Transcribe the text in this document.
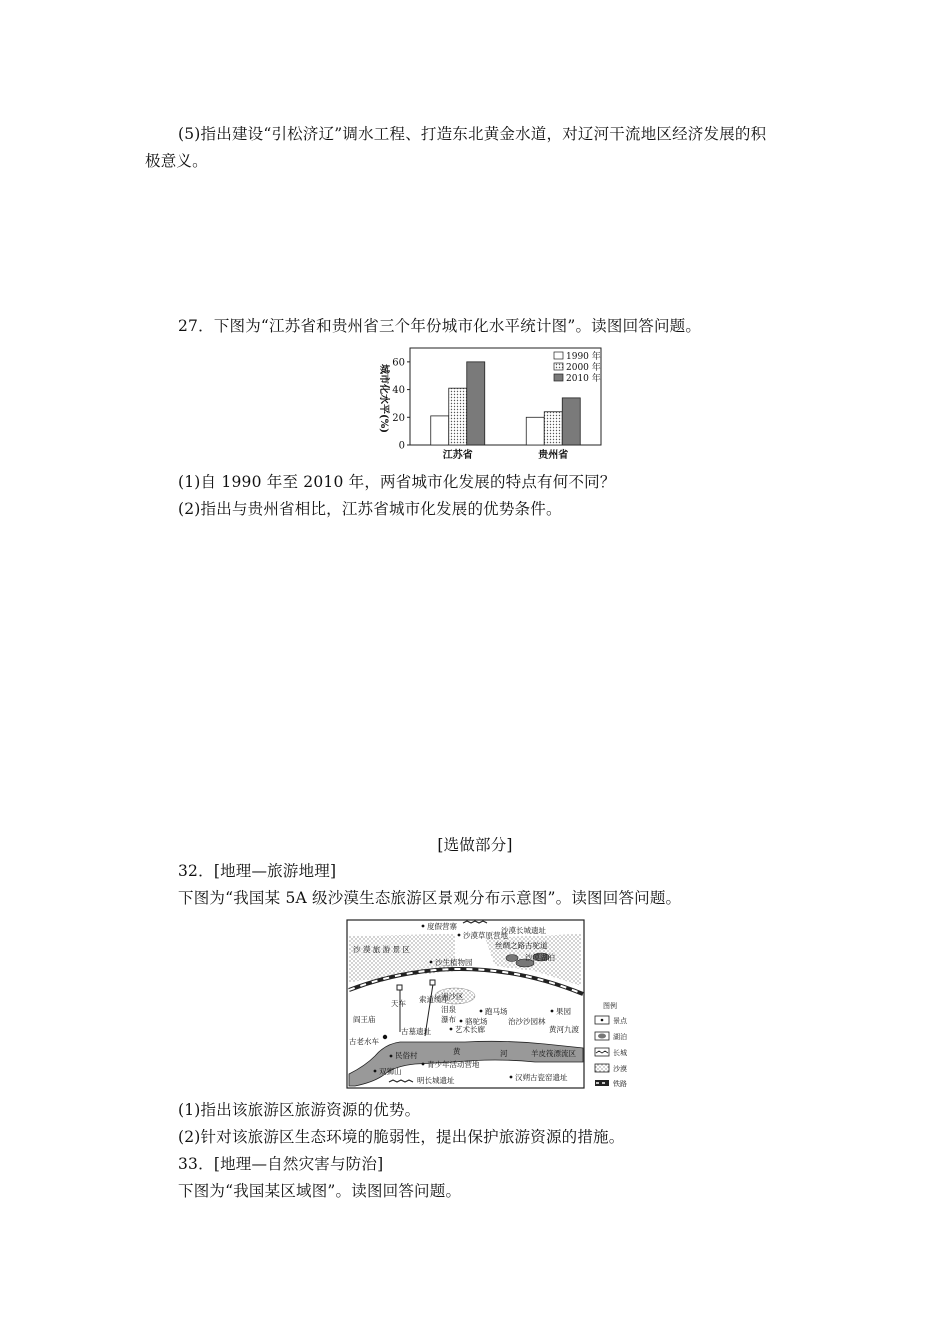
(5)指出建设“引松济辽”调水工程、打造东北黄金水道，对辽河干流地区经济发展的积
极意义。
27．下图为“江苏省和贵州省三个年份城市化水平统计图”。读图回答问题。
城市化水平(%)
0
20
40
60
江苏省	贵州省
1990 年
2000 年
2010 年
(1)自 1990 年至 2010 年，两省城市化发展的特点有何不同？
(2)指出与贵州省相比，江苏省城市化发展的优势条件。
[选做部分]
32．[地理—旅游地理]
下图为“我国某 5A 级沙漠生态旅游区景观分布示意图”。读图回答问题。
度假营寨
沙漠草原营地
沙漠长城遗址
丝绸之路古驼道
沙漠湖泊
沙 漠 旅 游 景 区
沙生植物园
洲沙区
天车 索道缆车
泪泉
瀑布
跑马场
骆驼场	治沙沙园林
果园
阎王庙
古墓遗址	艺术长廊	黄河九渡
古老水车
民俗村	黄	河	羊皮筏漂流区
青少年活动营地
双狮山
明长城遗址	汉朔古瓷窑遗址
图例
景点
湖泊
长城
沙漠
铁路
(1)指出该旅游区旅游资源的优势。
(2)针对该旅游区生态环境的脆弱性，提出保护旅游资源的措施。
33．[地理—自然灾害与防治]
下图为“我国某区域图”。读图回答问题。
